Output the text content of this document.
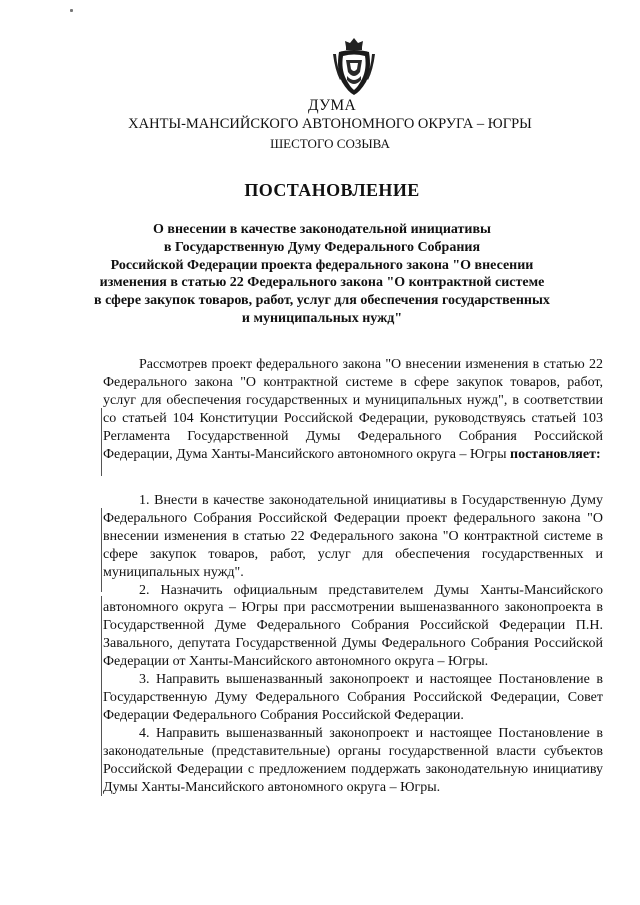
ДУМА
ХАНТЫ-МАНСИЙСКОГО АВТОНОМНОГО ОКРУГА – ЮГРЫ
ШЕСТОГО СОЗЫВА
ПОСТАНОВЛЕНИЕ
О внесении в качестве законодательной инициативы
в Государственную Думу Федерального Собрания
Российской Федерации проекта федерального закона "О внесении
изменения в статью 22 Федерального закона "О контрактной системе
в сфере закупок товаров, работ, услуг для обеспечения государственных
и муниципальных нужд"

Рассмотрев проект федерального закона "О внесении изменения в статью 22 Федерального закона "О контрактной системе в сфере закупок товаров, работ, услуг для обеспечения государственных и муниципальных нужд", в соответствии со статьей 104 Конституции Российской Федерации, руководствуясь статьей 103 Регламента Государственной Думы Федерального Собрания Российской Федерации, Дума Ханты-Мансийского автономного округа – Югры постановляет:

1. Внести в качестве законодательной инициативы в Государственную Думу Федерального Собрания Российской Федерации проект федерального закона "О внесении изменения в статью 22 Федерального закона "О контрактной системе в сфере закупок товаров, работ, услуг для обеспечения государственных и муниципальных нужд".

2. Назначить официальным представителем Думы Ханты-Мансийского автономного округа – Югры при рассмотрении вышеназванного законопроекта в Государственной Думе Федерального Собрания Российской Федерации П.Н. Завального, депутата Государственной Думы Федерального Собрания Российской Федерации от Ханты-Мансийского автономного округа – Югры.

3. Направить вышеназванный законопроект и настоящее Постановление в Государственную Думу Федерального Собрания Российской Федерации, Совет Федерации Федерального Собрания Российской Федерации.

4. Направить вышеназванный законопроект и настоящее Постановление в законодательные (представительные) органы государственной власти субъектов Российской Федерации с предложением поддержать законодательную инициативу Думы Ханты-Мансийского автономного округа – Югры.
